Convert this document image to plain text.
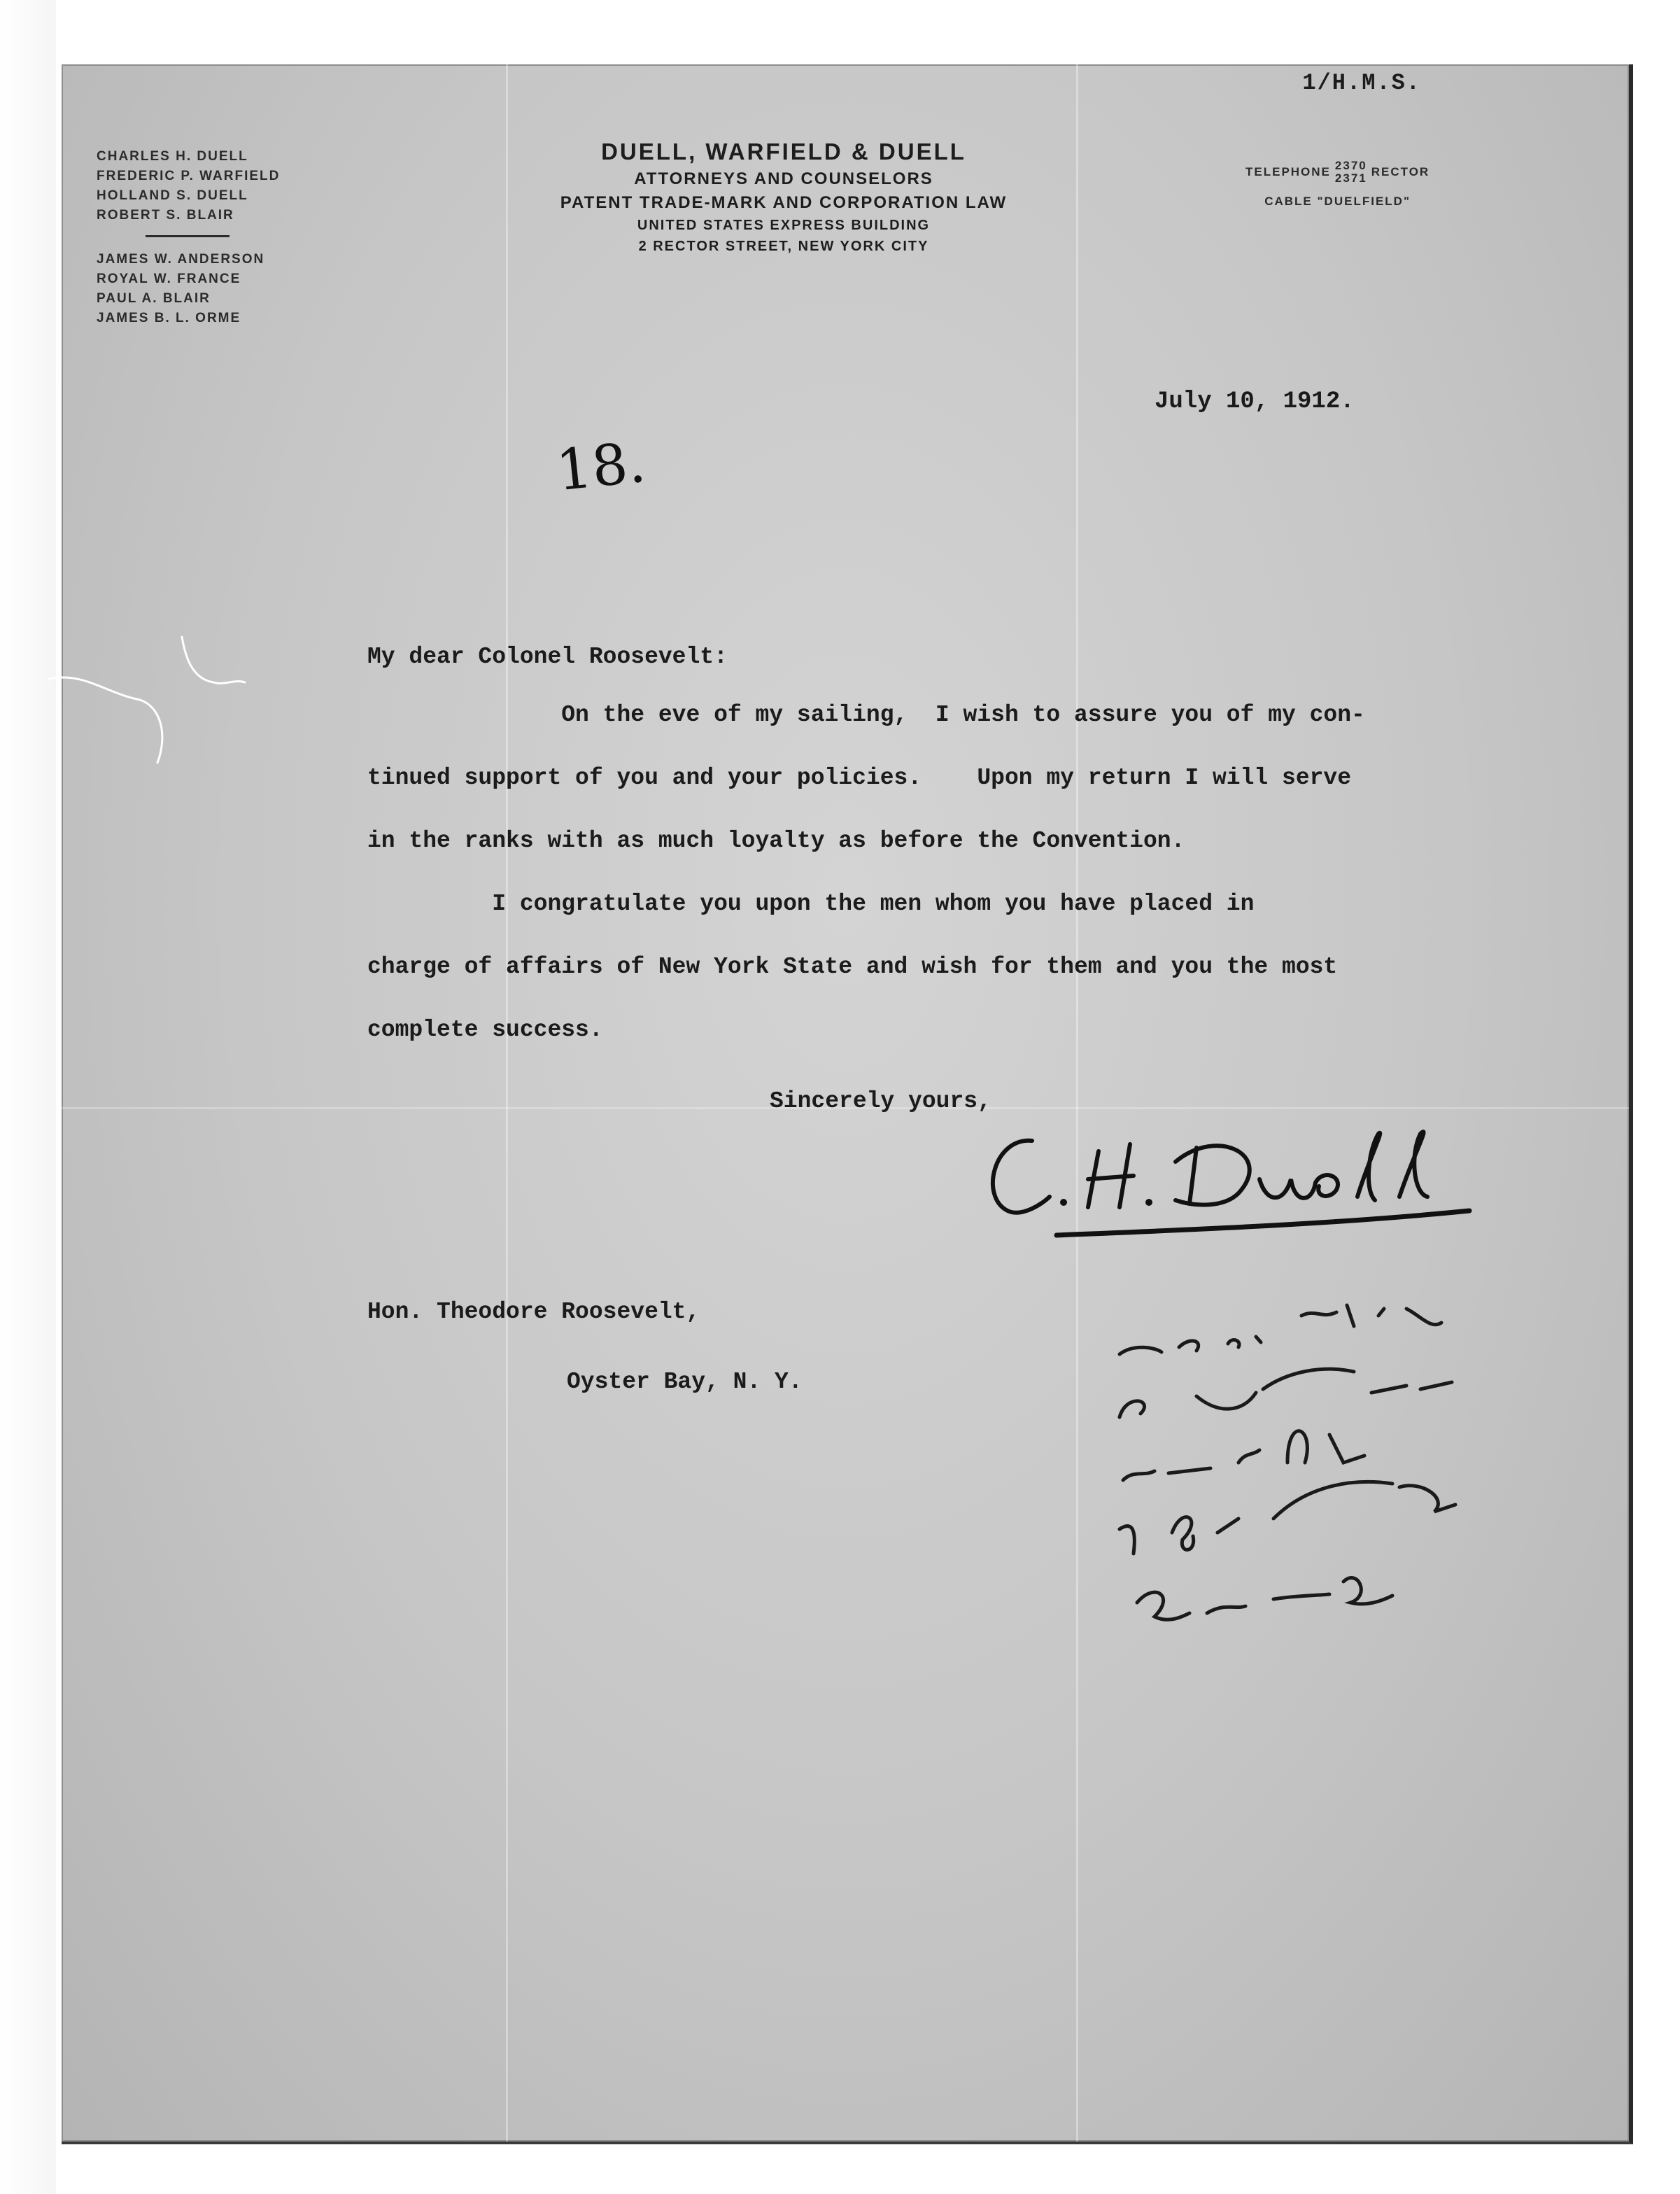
1/H.M.S.
CHARLES H. DUELL
FREDERIC P. WARFIELD
HOLLAND S. DUELL
ROBERT S. BLAIR
JAMES W. ANDERSON
ROYAL W. FRANCE
PAUL A. BLAIR
JAMES B. L. ORME
DUELL, WARFIELD & DUELL
ATTORNEYS AND COUNSELORS
PATENT TRADE-MARK AND CORPORATION LAW
UNITED STATES EXPRESS BUILDING
2 RECTOR STREET, NEW YORK CITY
TELEPHONE 2370
2371 RECTOR
CABLE "DUELFIELD"
July 10, 1912.
18.
My dear Colonel Roosevelt:

On the eve of my sailing,  I wish to assure you of my con-

tinued support of you and your policies.    Upon my return I will serve

in the ranks with as much loyalty as before the Convention.

I congratulate you upon the men whom you have placed in

charge of affairs of New York State and wish for them and you the most

complete success.

Sincerely yours,
Hon. Theodore Roosevelt,
Oyster Bay, N. Y.
